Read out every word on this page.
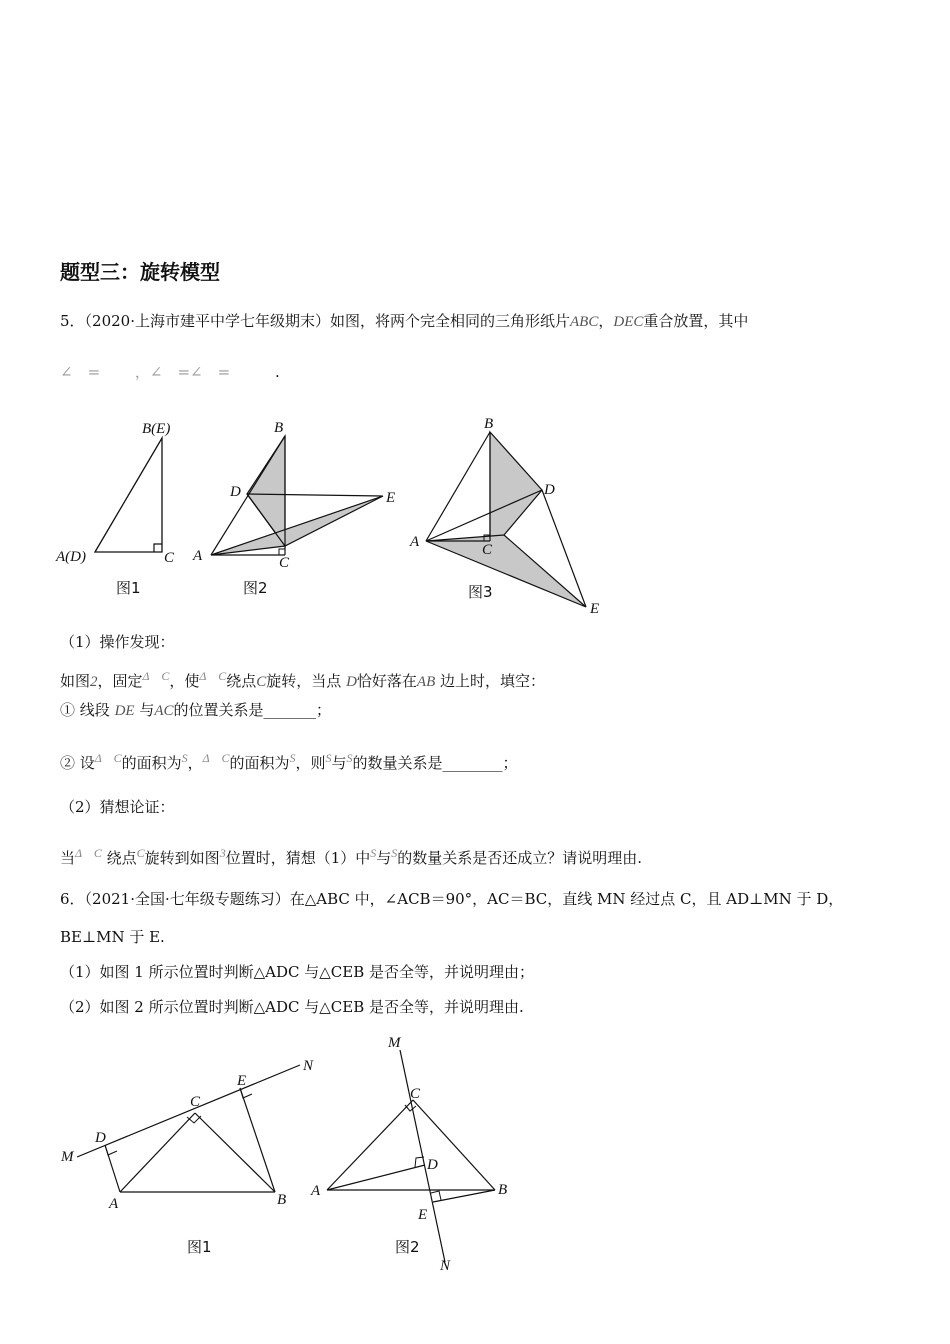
题型三：旋转模型
5．（2020·上海市建平中学七年级期末）如图，将两个完全相同的三角形纸片ABC，DEC重合放置，其中
∠　= ，∠　=∠　=	.
B(E)
A(D)	C
图1
B
D	E
A	C
图2
B
D
A	C
E
图3
（1）操作发现：
如图2，固定$^{\Delta C}$，使$^{\Delta C}$绕点C旋转，当点 D恰好落在AB 边上时，填空：
① 线段 DE 与AC的位置关系是_______；
② 设$^{\Delta C}$的面积为$^S$，$^{\Delta C}$的面积为$^S$，则$^S$与$^S$的数量关系是________；
（2）猜想论证：
当$^{\Delta C}$ 绕点$^C$旋转到如图$^3$位置时，猜想（1）中$^S$与$^S$的数量关系是否还成立？请说明理由.
6．（2021·全国·七年级专题练习）在△ABC 中，∠ACB＝90°，AC＝BC，直线 MN 经过点 C，且 AD⊥MN 于 D，
BE⊥MN 于 E.
（1）如图 1 所示位置时判断△ADC 与△CEB 是否全等，并说明理由；
（2）如图 2 所示位置时判断△ADC 与△CEB 是否全等，并说明理由.
N
E
C
D
M
A	B
图1
M
C
D
A	B
E
N
图2
